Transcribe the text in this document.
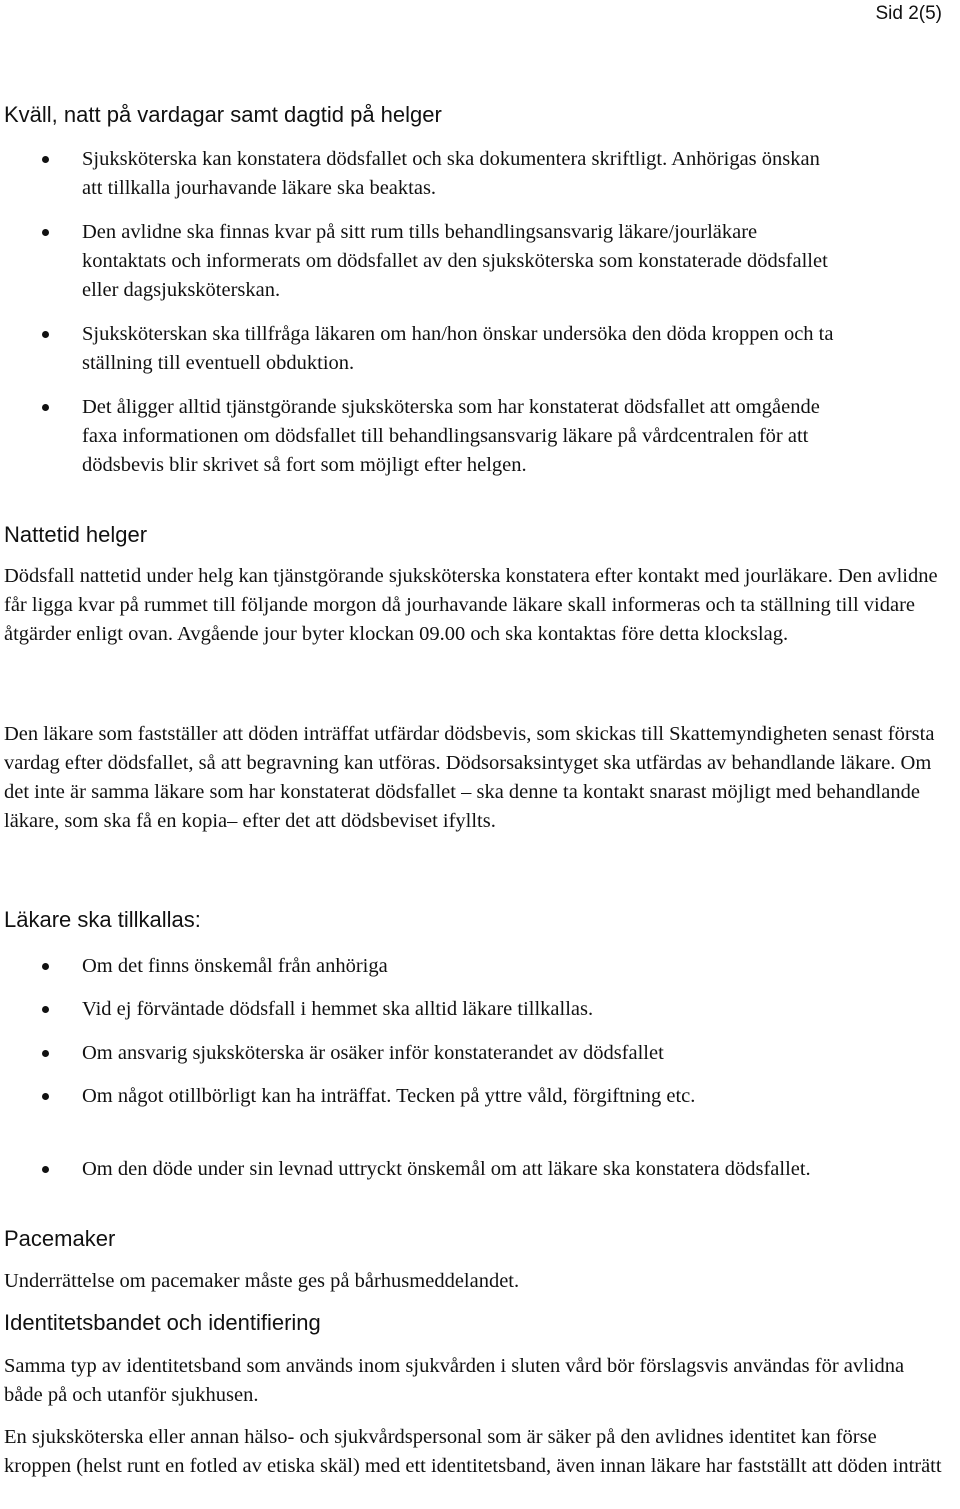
Sid 2(5)
Kväll, natt på vardagar samt dagtid på helger

Sjuksköterska kan konstatera dödsfallet och ska dokumentera skriftligt. Anhörigas önskan att tillkalla jourhavande läkare ska beaktas.

Den avlidne ska finnas kvar på sitt rum tills behandlingsansvarig läkare/jourläkare kontaktats och informerats om dödsfallet av den sjuksköterska som konstaterade dödsfallet eller dagsjuksköterskan.

Sjuksköterskan ska tillfråga läkaren om han/hon önskar undersöka den döda kroppen och ta ställning till eventuell obduktion.

Det åligger alltid tjänstgörande sjuksköterska som har konstaterat dödsfallet att omgående faxa informationen om dödsfallet till behandlingsansvarig läkare på vårdcentralen för att dödsbevis blir skrivet så fort som möjligt efter helgen.

Nattetid helger

Dödsfall nattetid under helg kan tjänstgörande sjuksköterska konstatera efter kontakt med jourläkare. Den avlidne får ligga kvar på rummet till följande morgon då jourhavande läkare skall informeras och ta ställning till vidare åtgärder enligt ovan. Avgående jour byter klockan 09.00 och ska kontaktas före detta klockslag.

Den läkare som fastställer att döden inträffat utfärdar dödsbevis, som skickas till Skattemyndigheten senast första vardag efter dödsfallet, så att begravning kan utföras. Dödsorsaksintyget ska utfärdas av behandlande läkare. Om det inte är samma läkare som har konstaterat dödsfallet – ska denne ta kontakt snarast möjligt med behandlande läkare, som ska få en kopia– efter det att dödsbeviset ifyllts.

Läkare ska tillkallas:

Om det finns önskemål från anhöriga

Vid ej förväntade dödsfall i hemmet ska alltid läkare tillkallas.

Om ansvarig sjuksköterska är osäker inför konstaterandet av dödsfallet

Om något otillbörligt kan ha inträffat. Tecken på yttre våld, förgiftning etc.

Om den döde under sin levnad uttryckt önskemål om att läkare ska konstatera dödsfallet.

Pacemaker

Underrättelse om pacemaker måste ges på bårhusmeddelandet.

Identitetsbandet och identifiering

Samma typ av identitetsband som används inom sjukvården i sluten vård bör förslagsvis användas för avlidna både på och utanför sjukhusen.

En sjuksköterska eller annan hälso- och sjukvårdspersonal som är säker på den avlidnes identitet kan förse kroppen (helst runt en fotled av etiska skäl) med ett identitetsband, även innan läkare har fastställt att döden inträtt
